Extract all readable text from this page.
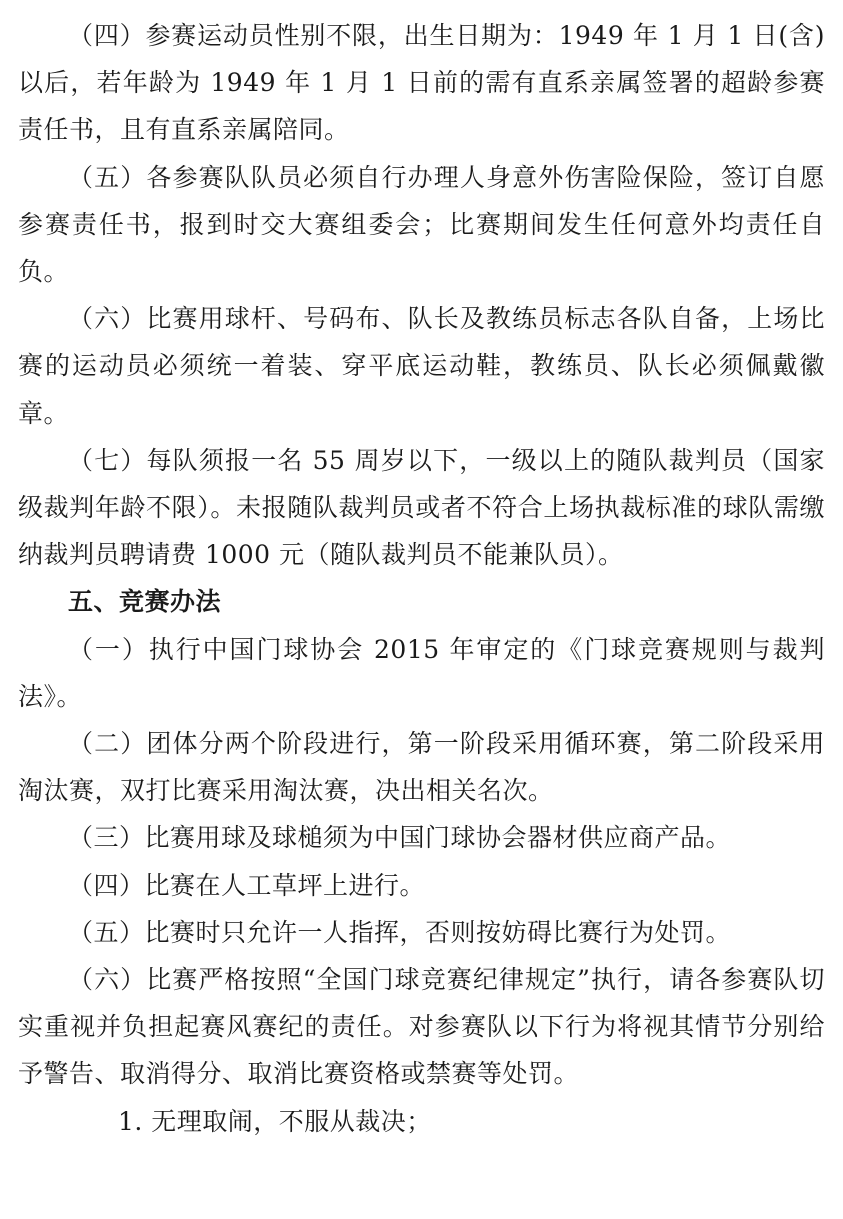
（四）参赛运动员性别不限，出生日期为：1949 年 1 月 1 日(含)以后，若年龄为 1949 年 1 月 1 日前的需有直系亲属签署的超龄参赛责任书，且有直系亲属陪同。

（五）各参赛队队员必须自行办理人身意外伤害险保险，签订自愿参赛责任书，报到时交大赛组委会；比赛期间发生任何意外均责任自负。

（六）比赛用球杆、号码布、队长及教练员标志各队自备，上场比赛的运动员必须统一着装、穿平底运动鞋，教练员、队长必须佩戴徽章。

（七）每队须报一名 55 周岁以下，一级以上的随队裁判员（国家级裁判年龄不限）。未报随队裁判员或者不符合上场执裁标准的球队需缴纳裁判员聘请费 1000 元（随队裁判员不能兼队员）。

五、竞赛办法

（一）执行中国门球协会 2015 年审定的《门球竞赛规则与裁判法》。

（二）团体分两个阶段进行，第一阶段采用循环赛，第二阶段采用淘汰赛，双打比赛采用淘汰赛，决出相关名次。

（三）比赛用球及球槌须为中国门球协会器材供应商产品。

（四）比赛在人工草坪上进行。

（五）比赛时只允许一人指挥，否则按妨碍比赛行为处罚。

（六）比赛严格按照“全国门球竞赛纪律规定”执行，请各参赛队切实重视并负担起赛风赛纪的责任。对参赛队以下行为将视其情节分别给予警告、取消得分、取消比赛资格或禁赛等处罚。

1. 无理取闹，不服从裁决；
